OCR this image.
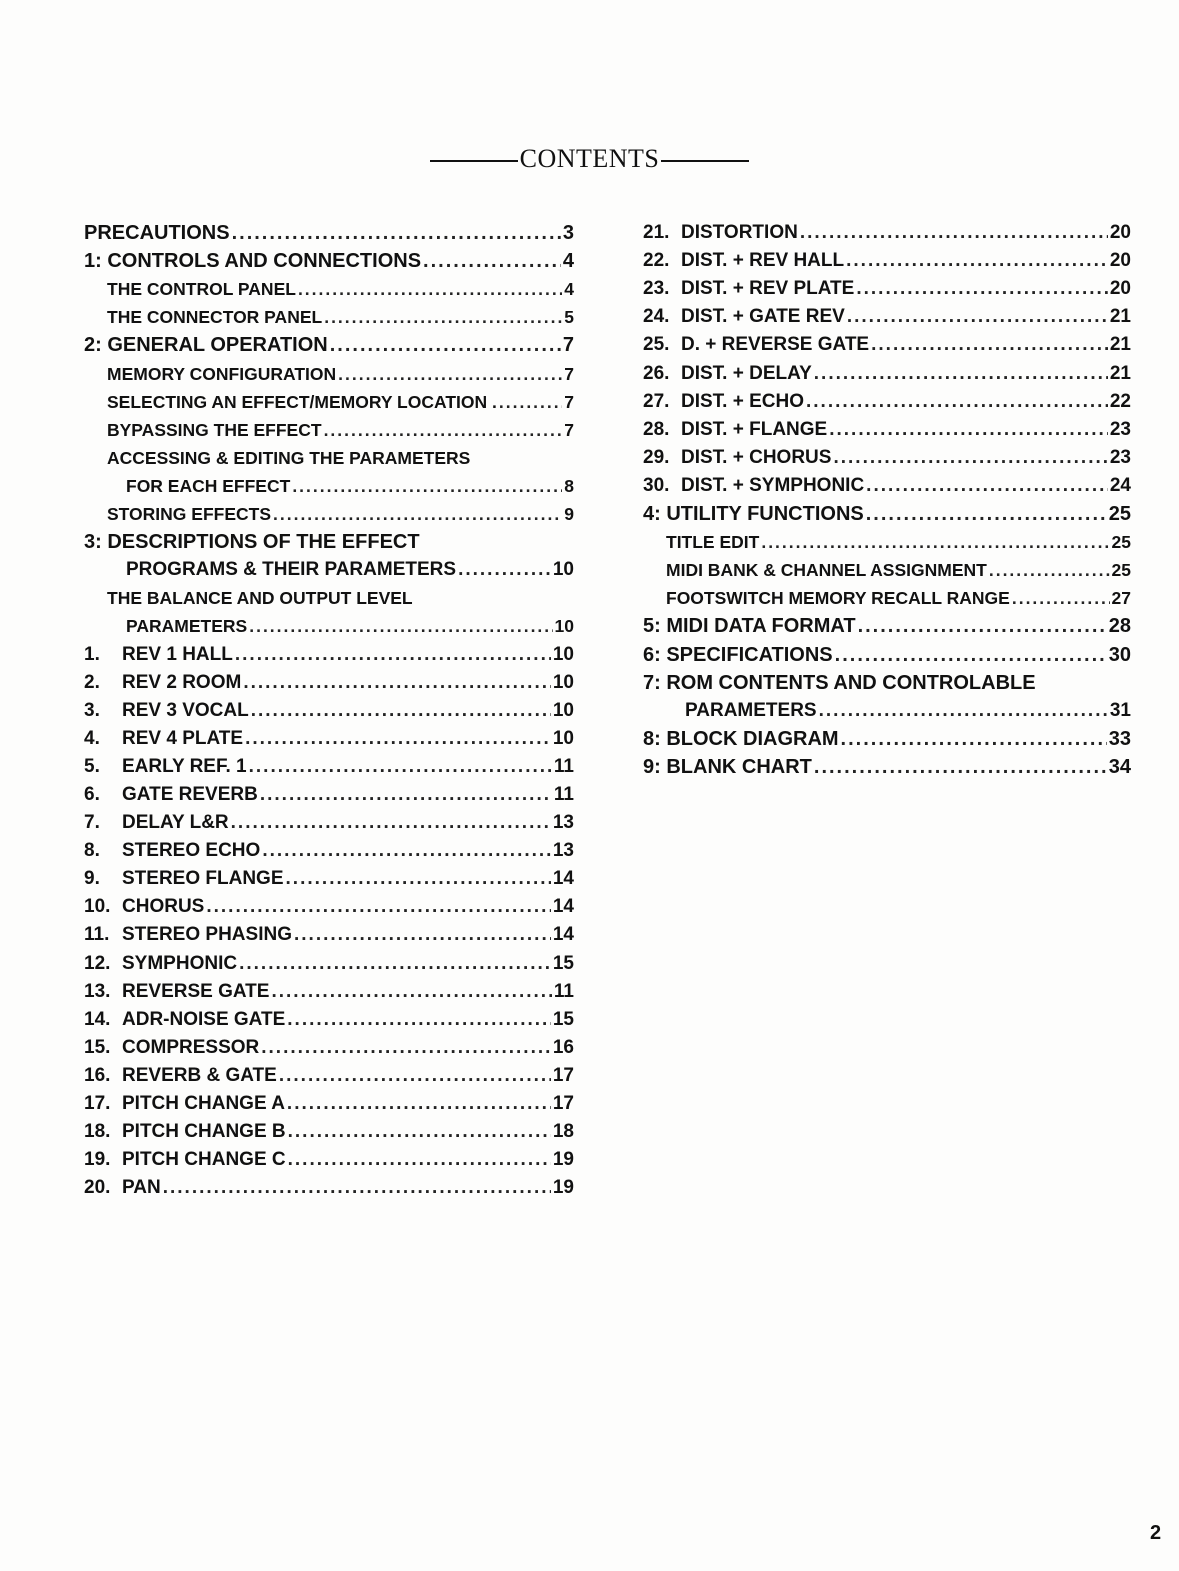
CONTENTS
PRECAUTIONS .....	3
1: CONTROLS AND CONNECTIONS .....	4
THE CONTROL PANEL .....	4
THE CONNECTOR PANEL .....	5
2: GENERAL OPERATION .....	7
MEMORY CONFIGURATION .....	7
SELECTING AN EFFECT/MEMORY LOCATION . .....	7
BYPASSING THE EFFECT .....	7
ACCESSING & EDITING THE PARAMETERS
FOR EACH EFFECT .....	8
STORING EFFECTS .....	9
3: DESCRIPTIONS OF THE EFFECT
PROGRAMS & THEIR PARAMETERS .....	10
THE BALANCE AND OUTPUT LEVEL
PARAMETERS .....	10
1.	REV 1 HALL .....	10
2.	REV 2 ROOM .....	10
3.	REV 3 VOCAL .....	10
4.	REV 4 PLATE .....	10
5.	EARLY REF. 1 .....	11
6.	GATE REVERB .....	11
7.	DELAY L&R .....	13
8.	STEREO ECHO .....	13
9.	STEREO FLANGE .....	14
10. CHORUS .....	14
11. STEREO PHASING .....	14
12. SYMPHONIC .....	15
13. REVERSE GATE .....	11
14. ADR-NOISE GATE .....	15
15. COMPRESSOR .....	16
16. REVERB & GATE .....	17
17. PITCH CHANGE A .....	17
18. PITCH CHANGE B .....	18
19. PITCH CHANGE C .....	19
20. PAN .....	19
21. DISTORTION .....	20
22. DIST. + REV HALL .....	20
23. DIST. + REV PLATE .....	20
24. DIST. + GATE REV .....	21
25. D. + REVERSE GATE .....	21
26. DIST. + DELAY .....	21
27. DIST. + ECHO .....	22
28. DIST. + FLANGE .....	23
29. DIST. + CHORUS .....	23
30. DIST. + SYMPHONIC .....	24
4: UTILITY FUNCTIONS .....	25
TITLE EDIT .....	25
MIDI BANK & CHANNEL ASSIGNMENT .....	25
FOOTSWITCH MEMORY RECALL RANGE .....	27
5: MIDI DATA FORMAT .....	28
6: SPECIFICATIONS .....	30
7: ROM CONTENTS AND CONTROLABLE
PARAMETERS .....	31
8: BLOCK DIAGRAM .....	33
9: BLANK CHART .....	34
2
